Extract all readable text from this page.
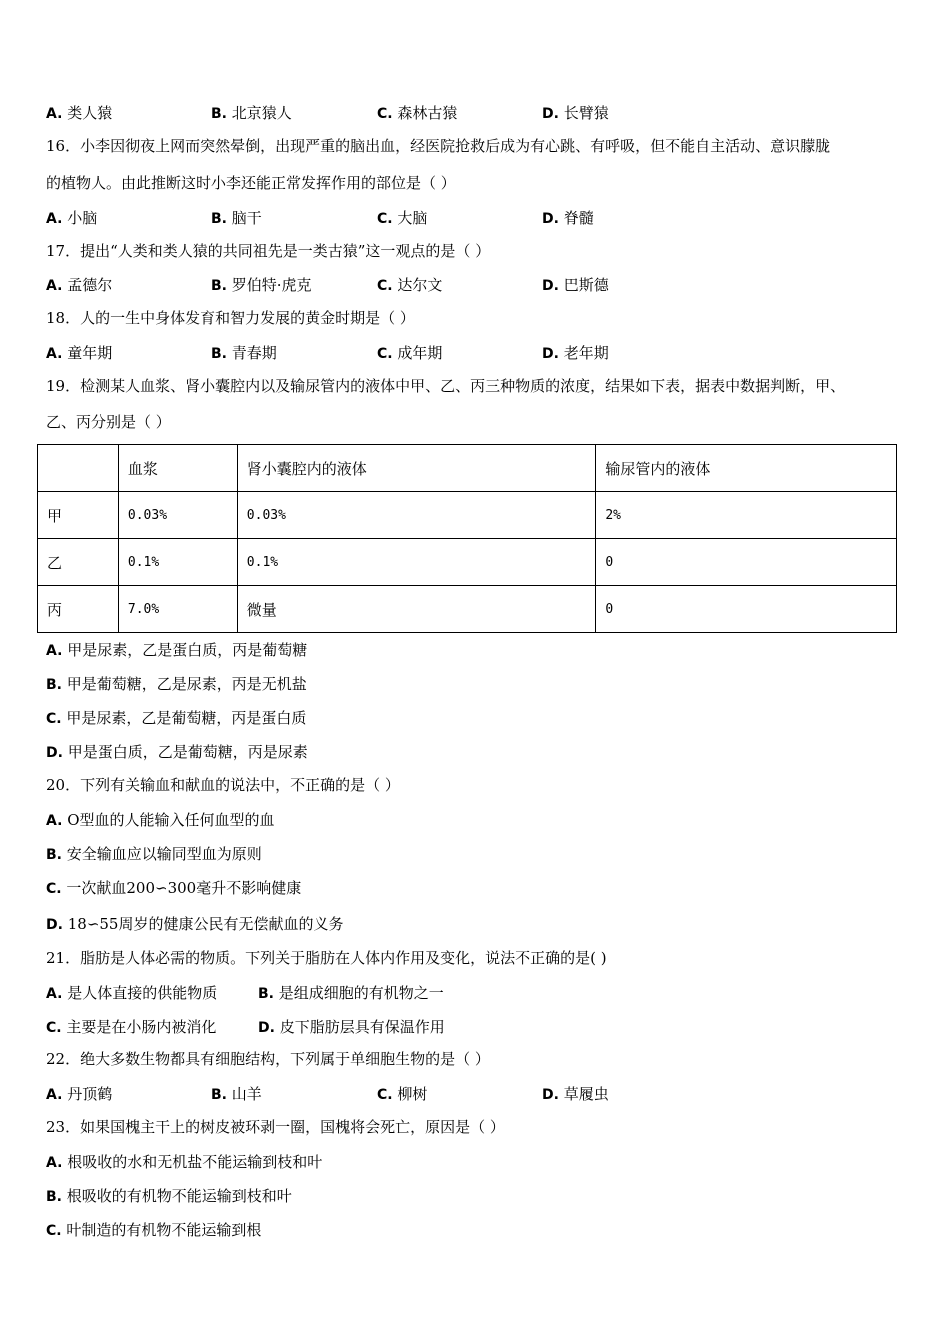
A. 类人猿	B. 北京猿人	C. 森林古猿	D. 长臂猿
16．小李因彻夜上网而突然晕倒，出现严重的脑出血，经医院抢救后成为有心跳、有呼吸，但不能自主活动、意识朦胧
的植物人。由此推断这时小李还能正常发挥作用的部位是（ ）
A. 小脑	B. 脑干	C. 大脑	D. 脊髓
17．提出“人类和类人猿的共同祖先是一类古猿”这一观点的是（ ）
A. 孟德尔	B. 罗伯特·虎克	C. 达尔文	D. 巴斯德
18．人的一生中身体发育和智力发展的黄金时期是（ ）
A. 童年期	B. 青春期	C. 成年期	D. 老年期
19．检测某人血浆、肾小囊腔内以及输尿管内的液体中甲、乙、丙三种物质的浓度，结果如下表，据表中数据判断，甲、
乙、丙分别是（ ）
	血浆	肾小囊腔内的液体	输尿管内的液体
甲	0.03%	0.03%	2%
乙	0.1%	0.1%	0
丙	7.0%	微量	0
A. 甲是尿素，乙是蛋白质，丙是葡萄糖
B. 甲是葡萄糖，乙是尿素，丙是无机盐
C. 甲是尿素，乙是葡萄糖，丙是蛋白质
D. 甲是蛋白质，乙是葡萄糖，丙是尿素
20．下列有关输血和献血的说法中，不正确的是（ ）
A. O型血的人能输入任何血型的血
B. 安全输血应以输同型血为原则
C. 一次献血200∽300毫升不影响健康
D. 18∽55周岁的健康公民有无偿献血的义务
21．脂肪是人体必需的物质。下列关于脂肪在人体内作用及变化，说法不正确的是( )
A. 是人体直接的供能物质	B. 是组成细胞的有机物之一
C. 主要是在小肠内被消化	D. 皮下脂肪层具有保温作用
22．绝大多数生物都具有细胞结构，下列属于单细胞生物的是（ ）
A. 丹顶鹤	B. 山羊	C. 柳树	D. 草履虫
23．如果国槐主干上的树皮被环剥一圈，国槐将会死亡，原因是（ ）
A. 根吸收的水和无机盐不能运输到枝和叶
B. 根吸收的有机物不能运输到枝和叶
C. 叶制造的有机物不能运输到根
